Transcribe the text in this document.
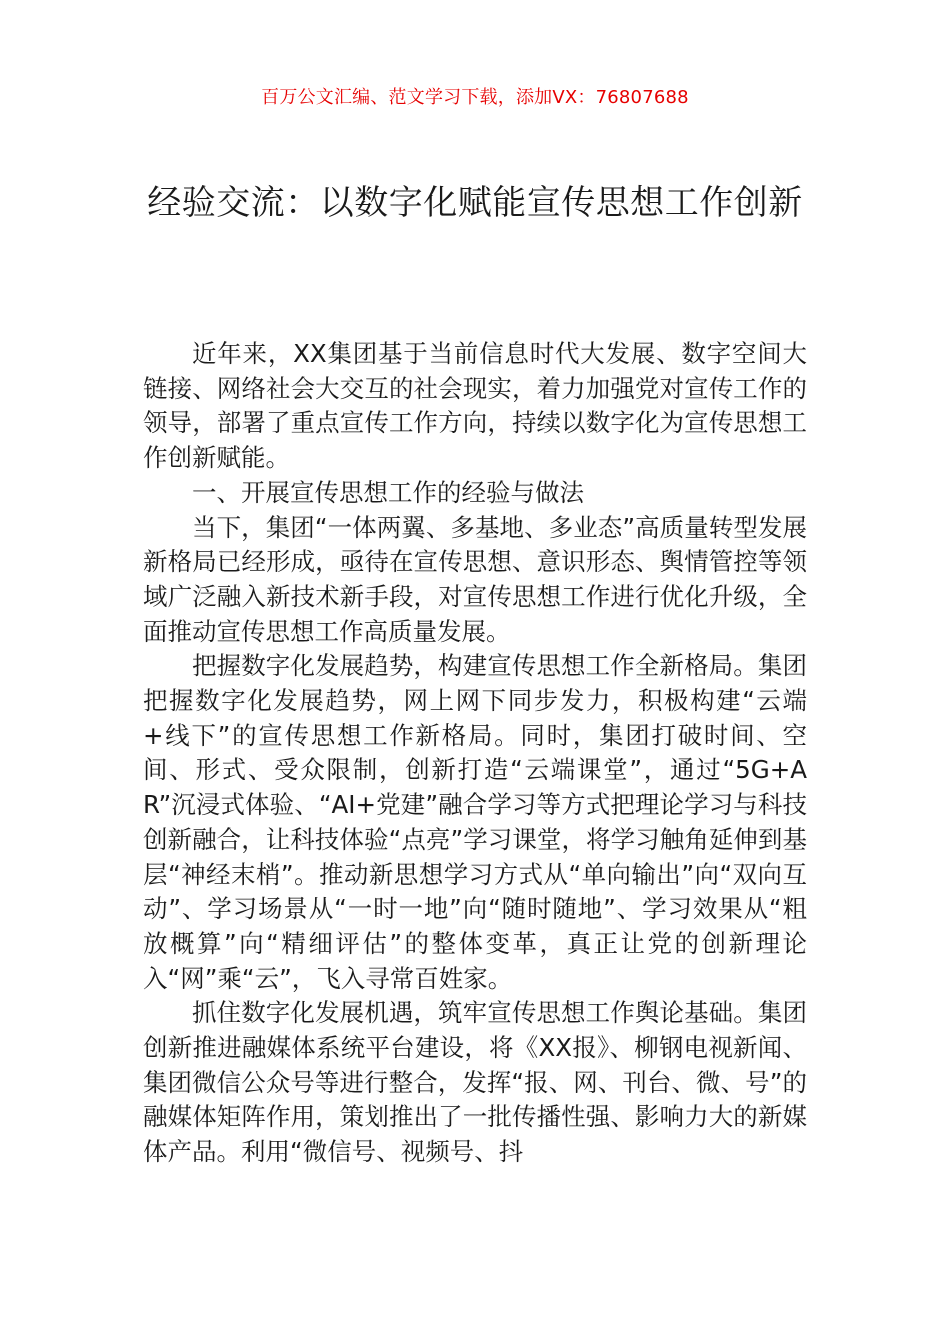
百万公文汇编、范文学习下载，添加VX：76807688
经验交流：以数字化赋能宣传思想工作创新

近年来，XX集团基于当前信息时代大发展、数字空间大链接、网络社会大交互的社会现实，着力加强党对宣传工作的领导，部署了重点宣传工作方向，持续以数字化为宣传思想工作创新赋能。

一、开展宣传思想工作的经验与做法

当下，集团“一体两翼、多基地、多业态”高质量转型发展新格局已经形成，亟待在宣传思想、意识形态、舆情管控等领域广泛融入新技术新手段，对宣传思想工作进行优化升级，全面推动宣传思想工作高质量发展。

把握数字化发展趋势，构建宣传思想工作全新格局。集团把握数字化发展趋势，网上网下同步发力，积极构建“云端+线下”的宣传思想工作新格局。同时，集团打破时间、空间、形式、受众限制，创新打造“云端课堂”，通过“5G+AR”沉浸式体验、“AI+党建”融合学习等方式把理论学习与科技创新融合，让科技体验“点亮”学习课堂，将学习触角延伸到基层“神经末梢”。推动新思想学习方式从“单向输出”向“双向互动”、学习场景从“一时一地”向“随时随地”、学习效果从“粗放概算”向“精细评估”的整体变革，真正让党的创新理论入“网”乘“云”，飞入寻常百姓家。

抓住数字化发展机遇，筑牢宣传思想工作舆论基础。集团创新推进融媒体系统平台建设，将《XX报》、柳钢电视新闻、集团微信公众号等进行整合，发挥“报、网、刊台、微、号”的融媒体矩阵作用，策划推出了一批传播性强、影响力大的新媒体产品。利用“微信号、视频号、抖
